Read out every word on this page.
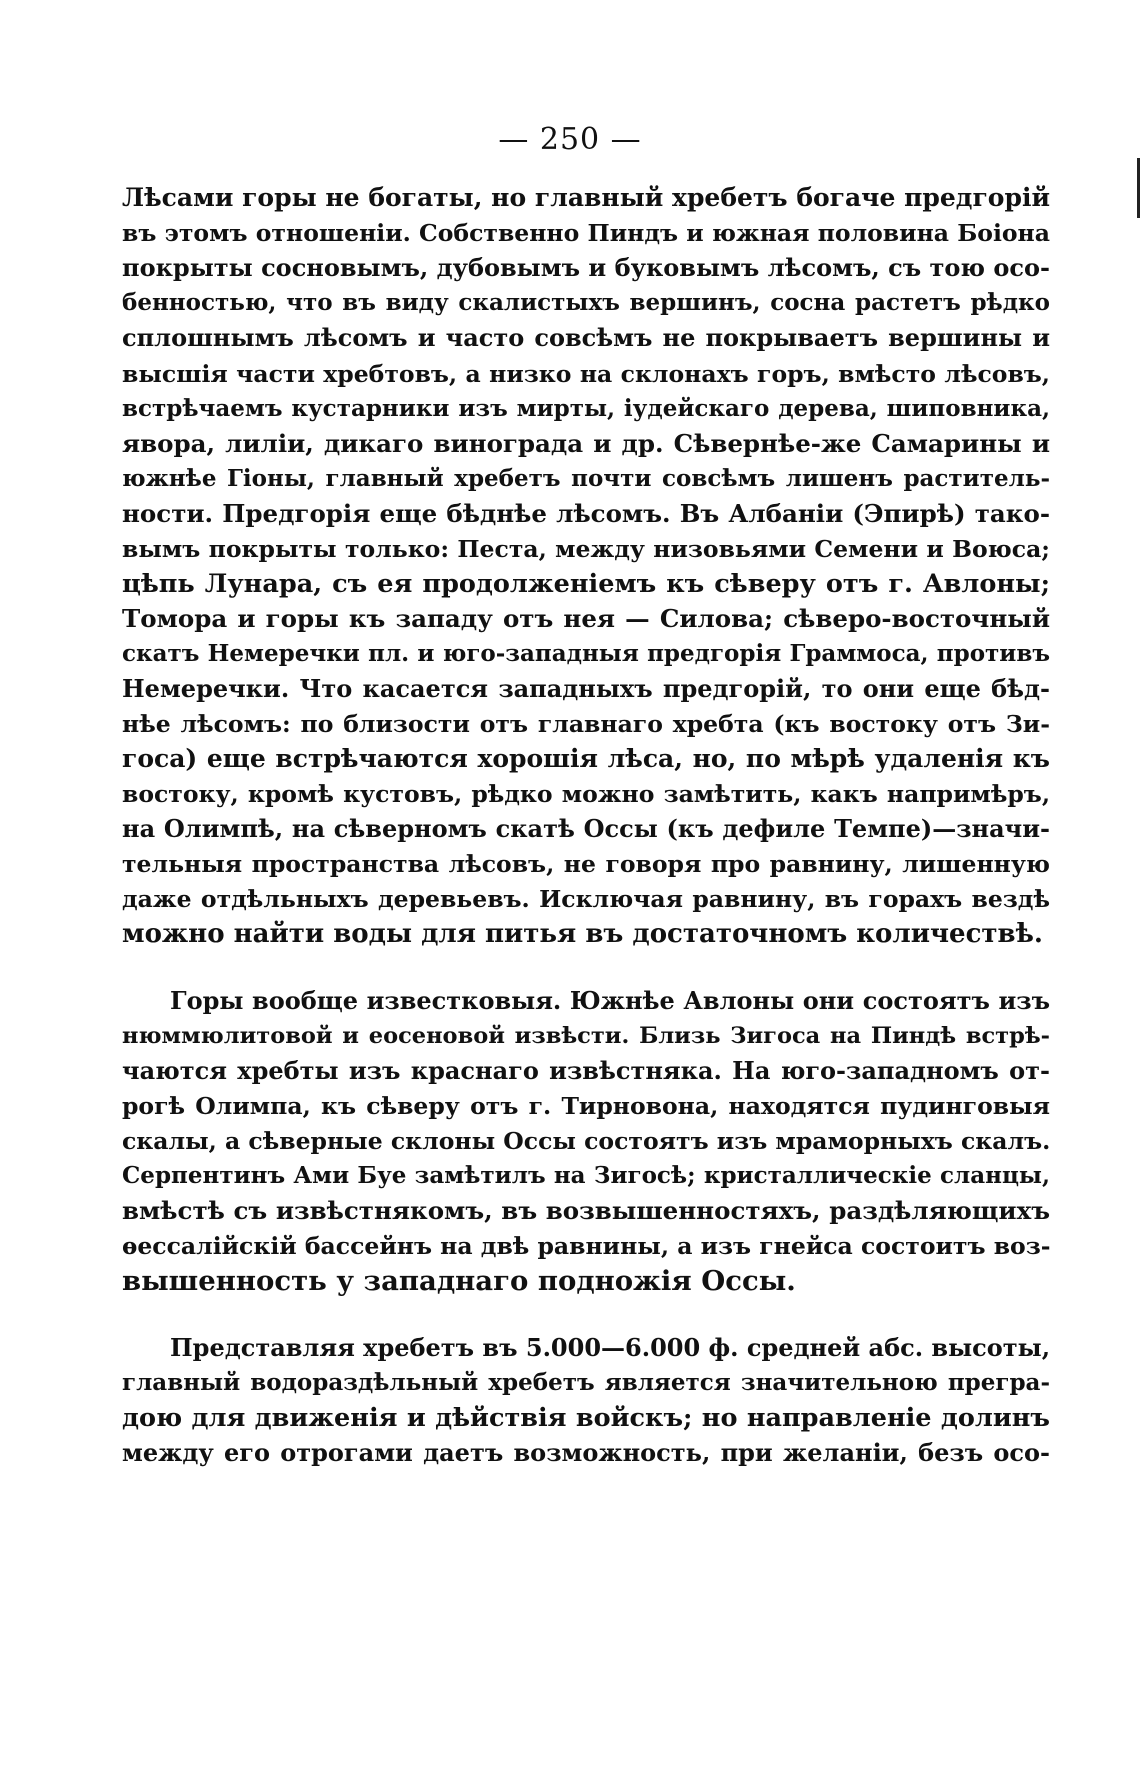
— 250 —
Лѣсами горы не богаты, но главный хребетъ богаче предгорій
въ этомъ отношеніи. Собственно Пиндъ и южная половина Боіона
покрыты сосновымъ, дубовымъ и буковымъ лѣсомъ, съ тою осо-
бенностью, что въ виду скалистыхъ вершинъ, сосна растетъ рѣдко
сплошнымъ лѣсомъ и часто совсѣмъ не покрываетъ вершины и
высшія части хребтовъ, а низко на склонахъ горъ, вмѣсто лѣсовъ,
встрѣчаемъ кустарники изъ мирты, іудейскаго дерева, шиповника,
явора, лиліи, дикаго винограда и др. Сѣвернѣе-же Самарины и
южнѣе Гіоны, главный хребетъ почти совсѣмъ лишенъ раститель-
ности. Предгорія еще бѣднѣе лѣсомъ. Въ Албаніи (Эпирѣ) тако-
вымъ покрыты только: Песта, между низовьями Семени и Воюса;
цѣпь Лунара, съ ея продолженіемъ къ сѣверу отъ г. Авлоны;
Томора и горы къ западу отъ нея — Силова; сѣверо-восточный
скатъ Немеречки пл. и юго-западныя предгорія Граммоса, противъ
Немеречки. Что касается западныхъ предгорій, то они еще бѣд-
нѣе лѣсомъ: по близости отъ главнаго хребта (къ востоку отъ Зи-
госа) еще встрѣчаются хорошія лѣса, но, по мѣрѣ удаленія къ
востоку, кромѣ кустовъ, рѣдко можно замѣтить, какъ напримѣръ,
на Олимпѣ, на сѣверномъ скатѣ Оссы (къ дефиле Темпе)—значи-
тельныя пространства лѣсовъ, не говоря про равнину, лишенную
даже отдѣльныхъ деревьевъ. Исключая равнину, въ горахъ вездѣ
можно найти воды для питья въ достаточномъ количествѣ.
Горы вообще известковыя. Южнѣе Авлоны они состоятъ изъ
нюммюлитовой и еосеновой извѣсти. Близь Зигоса на Пиндѣ встрѣ-
чаются хребты изъ краснаго извѣстняка. На юго-западномъ от-
рогѣ Олимпа, къ сѣверу отъ г. Тирновона, находятся пудинговыя
скалы, а сѣверные склоны Оссы состоятъ изъ мраморныхъ скалъ.
Серпентинъ Ами Буе замѣтилъ на Зигосѣ; кристаллическіе сланцы,
вмѣстѣ съ извѣстнякомъ, въ возвышенностяхъ, раздѣляющихъ
ѳессалійскій бассейнъ на двѣ равнины, а изъ гнейса состоитъ воз-
вышенность у западнаго подножія Оссы.
Представляя хребетъ въ 5.000—6.000 ф. средней абс. высоты,
главный водораздѣльный хребетъ является значительною прегра-
дою для движенія и дѣйствія войскъ; но направленіе долинъ
между его отрогами даетъ возможность, при желаніи, безъ осо-
